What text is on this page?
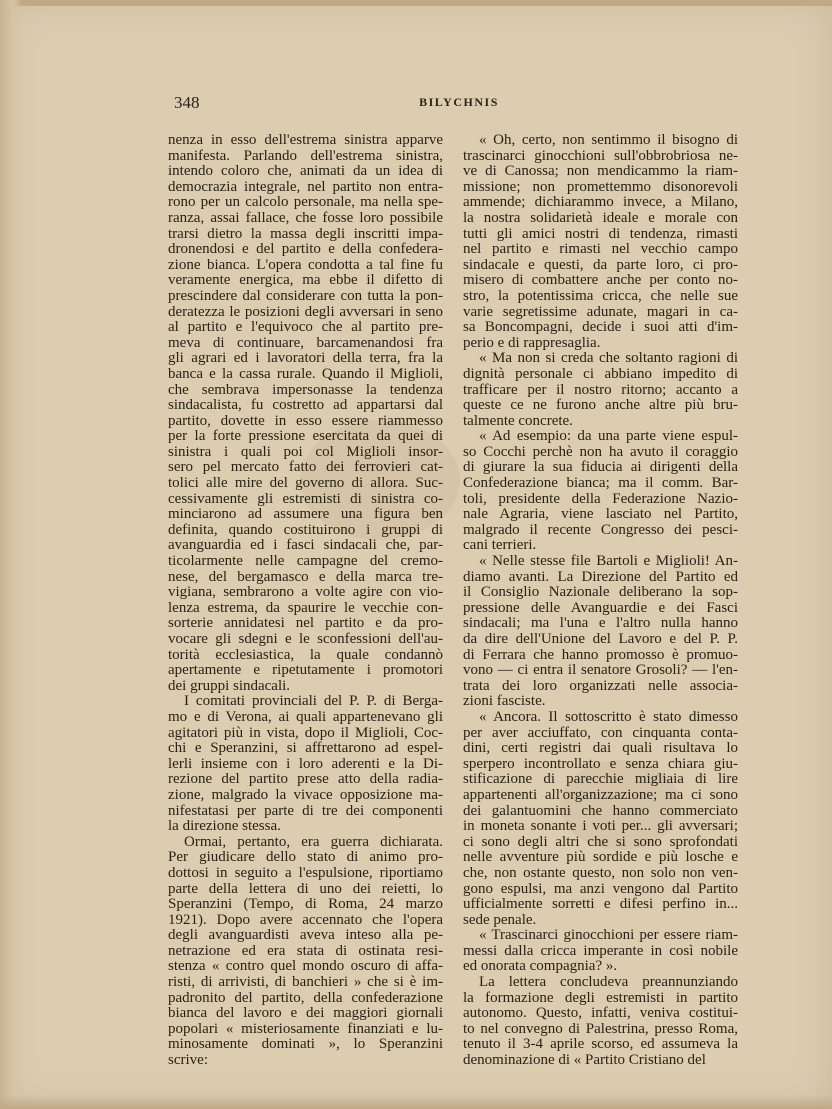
348	BILYCHNIS
nenza in esso dell'estrema sinistra apparve
manifesta. Parlando dell'estrema sinistra,
intendo coloro che, animati da un idea di
democrazia integrale, nel partito non entra-
rono per un calcolo personale, ma nella spe-
ranza, assai fallace, che fosse loro possibile
trarsi dietro la massa degli inscritti impa-
dronendosi e del partito e della confedera-
zione bianca. L'opera condotta a tal fine fu
veramente energica, ma ebbe il difetto di
prescindere dal considerare con tutta la pon-
deratezza le posizioni degli avversari in seno
al partito e l'equivoco che al partito pre-
meva di continuare, barcamenandosi fra
gli agrari ed i lavoratori della terra, fra la
banca e la cassa rurale. Quando il Miglioli,
che sembrava impersonasse la tendenza
sindacalista, fu costretto ad appartarsi dal
partito, dovette in esso essere riammesso
per la forte pressione esercitata da quei di
sinistra i quali poi col Miglioli insor-
sero pel mercato fatto dei ferrovieri cat-
tolici alle mire del governo di allora. Suc-
cessivamente gli estremisti di sinistra co-
minciarono ad assumere una figura ben
definita, quando costituirono i gruppi di
avanguardia ed i fasci sindacali che, par-
ticolarmente nelle campagne del cremo-
nese, del bergamasco e della marca tre-
vigiana, sembrarono a volte agire con vio-
lenza estrema, da spaurire le vecchie con-
sorterie annidatesi nel partito e da pro-
vocare gli sdegni e le sconfessioni dell'au-
torità ecclesiastica, la quale condannò
apertamente e ripetutamente i promotori
dei gruppi sindacali.
I comitati provinciali del P. P. di Berga-
mo e di Verona, ai quali appartenevano gli
agitatori più in vista, dopo il Miglioli, Coc-
chi e Speranzini, si affrettarono ad espel-
lerli insieme con i loro aderenti e la Di-
rezione del partito prese atto della radia-
zione, malgrado la vivace opposizione ma-
nifestatasi per parte di tre dei componenti
la direzione stessa.
Ormai, pertanto, era guerra dichiarata.
Per giudicare dello stato di animo pro-
dottosi in seguito a l'espulsione, riportiamo
parte della lettera di uno dei reietti, lo
Speranzini (Tempo, di Roma, 24 marzo
1921). Dopo avere accennato che l'opera
degli avanguardisti aveva inteso alla pe-
netrazione ed era stata di ostinata resi-
stenza « contro quel mondo oscuro di affa-
risti, di arrivisti, di banchieri » che si è im-
padronito del partito, della confederazione
bianca del lavoro e dei maggiori giornali
popolari « misteriosamente finanziati e lu-
minosamente dominati », lo Speranzini
scrive:
« Oh, certo, non sentimmo il bisogno di
trascinarci ginocchioni sull'obbrobriosa ne-
ve di Canossa; non mendicammo la riam-
missione; non promettemmo disonorevoli
ammende; dichiarammo invece, a Milano,
la nostra solidarietà ideale e morale con
tutti gli amici nostri di tendenza, rimasti
nel partito e rimasti nel vecchio campo
sindacale e questi, da parte loro, ci pro-
misero di combattere anche per conto no-
stro, la potentissima cricca, che nelle sue
varie segretissime adunate, magari in ca-
sa Boncompagni, decide i suoi atti d'im-
perio e di rappresaglia.
« Ma non si creda che soltanto ragioni di
dignità personale ci abbiano impedito di
trafficare per il nostro ritorno; accanto a
queste ce ne furono anche altre più bru-
talmente concrete.
« Ad esempio: da una parte viene espul-
so Cocchi perchè non ha avuto il coraggio
di giurare la sua fiducia ai dirigenti della
Confederazione bianca; ma il comm. Bar-
toli, presidente della Federazione Nazio-
nale Agraria, viene lasciato nel Partito,
malgrado il recente Congresso dei pesci-
cani terrieri.
« Nelle stesse file Bartoli e Miglioli! An-
diamo avanti. La Direzione del Partito ed
il Consiglio Nazionale deliberano la sop-
pressione delle Avanguardie e dei Fasci
sindacali; ma l'una e l'altro nulla hanno
da dire dell'Unione del Lavoro e del P. P.
di Ferrara che hanno promosso è promuo-
vono — ci entra il senatore Grosoli? — l'en-
trata dei loro organizzati nelle associa-
zioni fasciste.
« Ancora. Il sottoscritto è stato dimesso
per aver acciuffato, con cinquanta conta-
dini, certi registri dai quali risultava lo
sperpero incontrollato e senza chiara giu-
stificazione di parecchie migliaia di lire
appartenenti all'organizzazione; ma ci sono
dei galantuomini che hanno commerciato
in moneta sonante i voti per... gli avversari;
ci sono degli altri che si sono sprofondati
nelle avventure più sordide e più losche e
che, non ostante questo, non solo non ven-
gono espulsi, ma anzi vengono dal Partito
ufficialmente sorretti e difesi perfino in...
sede penale.
« Trascinarci ginocchioni per essere riam-
messi dalla cricca imperante in così nobile
ed onorata compagnia? ».
La lettera concludeva preannunziando
la formazione degli estremisti in partito
autonomo. Questo, infatti, veniva costitui-
to nel convegno di Palestrina, presso Roma,
tenuto il 3-4 aprile scorso, ed assumeva la
denominazione di « Partito Cristiano del
